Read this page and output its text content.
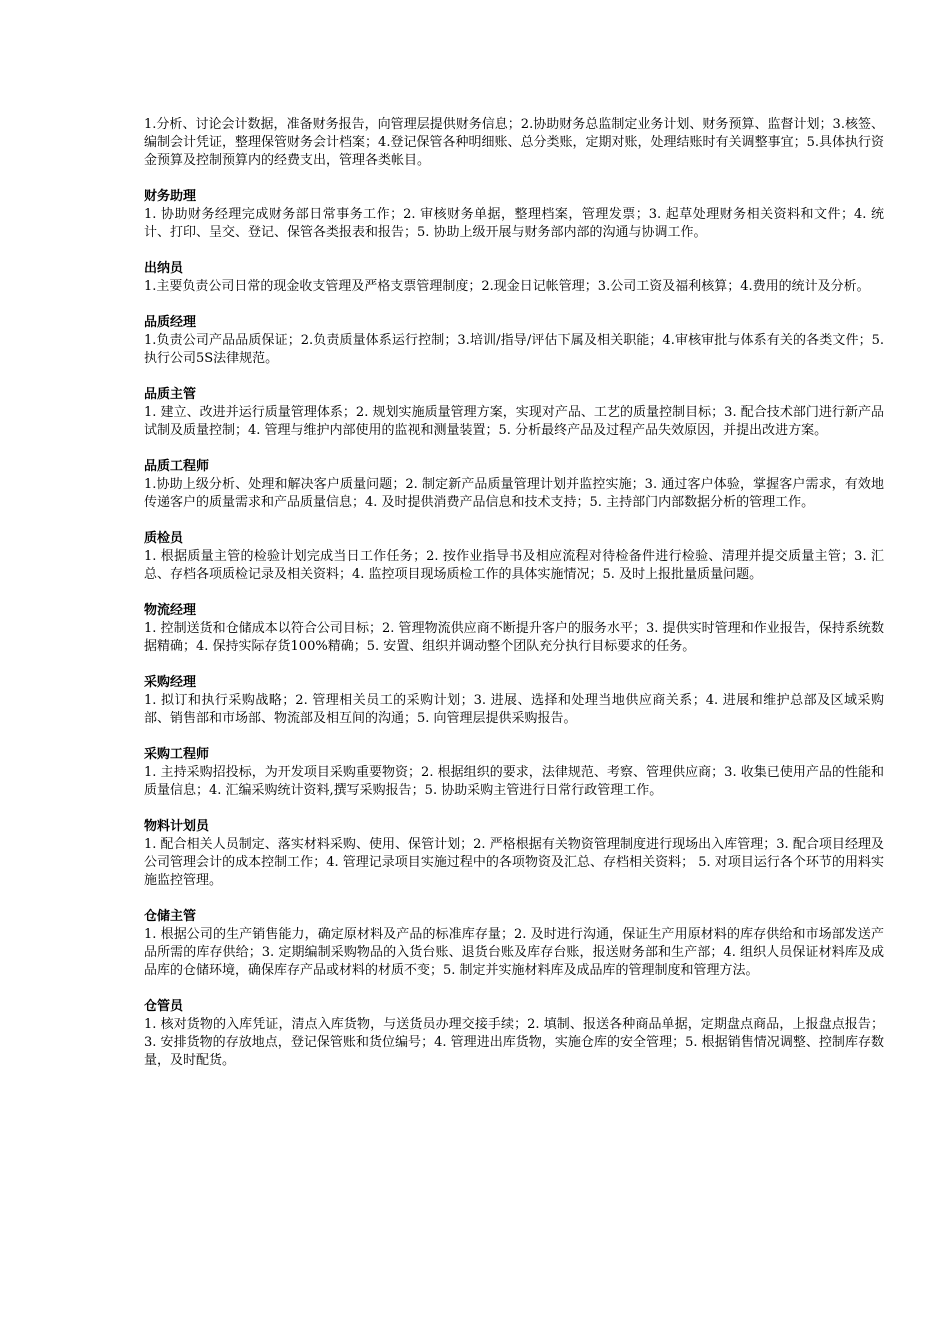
1.分析、讨论会计数据，准备财务报告，向管理层提供财务信息；2.协助财务总监制定业务计划、财务预算、监督计划；3.核签、编制会计凭证，整理保管财务会计档案；4.登记保管各种明细账、总分类账，定期对账，处理结账时有关调整事宜；5.具体执行资金预算及控制预算内的经费支出，管理各类帐目。

财务助理

1. 协助财务经理完成财务部日常事务工作；2. 审核财务单据，整理档案，管理发票；3. 起草处理财务相关资料和文件；4. 统计、打印、呈交、登记、保管各类报表和报告；5. 协助上级开展与财务部内部的沟通与协调工作。

出纳员

1.主要负责公司日常的现金收支管理及严格支票管理制度；2.现金日记帐管理；3.公司工资及福利核算；4.费用的统计及分析。

品质经理

1.负责公司产品品质保证；2.负责质量体系运行控制；3.培训/指导/评估下属及相关职能；4.审核审批与体系有关的各类文件；5.执行公司5S法律规范。

品质主管

1. 建立、改进并运行质量管理体系；2. 规划实施质量管理方案，实现对产品、工艺的质量控制目标；3. 配合技术部门进行新产品试制及质量控制；4. 管理与维护内部使用的监视和测量装置；5. 分析最终产品及过程产品失效原因，并提出改进方案。

品质工程师

1.协助上级分析、处理和解决客户质量问题；2. 制定新产品质量管理计划并监控实施；3. 通过客户体验，掌握客户需求，有效地传递客户的质量需求和产品质量信息；4. 及时提供消费产品信息和技术支持；5. 主持部门内部数据分析的管理工作。

质检员

1. 根据质量主管的检验计划完成当日工作任务；2. 按作业指导书及相应流程对待检备件进行检验、清理并提交质量主管；3. 汇总、存档各项质检记录及相关资料；4. 监控项目现场质检工作的具体实施情况；5. 及时上报批量质量问题。

物流经理

1. 控制送货和仓储成本以符合公司目标；2. 管理物流供应商不断提升客户的服务水平；3. 提供实时管理和作业报告，保持系统数据精确；4. 保持实际存货100%精确；5. 安置、组织并调动整个团队充分执行目标要求的任务。

采购经理

1. 拟订和执行采购战略；2. 管理相关员工的采购计划；3. 进展、选择和处理当地供应商关系；4. 进展和维护总部及区域采购部、销售部和市场部、物流部及相互间的沟通；5. 向管理层提供采购报告。

采购工程师

1. 主持采购招投标，为开发项目采购重要物资；2. 根据组织的要求，法律规范、考察、管理供应商；3. 收集已使用产品的性能和质量信息；4. 汇编采购统计资料,撰写采购报告；5. 协助采购主管进行日常行政管理工作。

物料计划员

1. 配合相关人员制定、落实材料采购、使用、保管计划；2. 严格根据有关物资管理制度进行现场出入库管理；3. 配合项目经理及公司管理会计的成本控制工作；4. 管理记录项目实施过程中的各项物资及汇总、存档相关资料； 5. 对项目运行各个环节的用料实施监控管理。

仓储主管

1. 根据公司的生产销售能力，确定原材料及产品的标准库存量；2. 及时进行沟通，保证生产用原材料的库存供给和市场部发送产品所需的库存供给；3. 定期编制采购物品的入货台账、退货台账及库存台账，报送财务部和生产部；4. 组织人员保证材料库及成品库的仓储环境，确保库存产品或材料的材质不变；5. 制定并实施材料库及成品库的管理制度和管理方法。

仓管员

1. 核对货物的入库凭证，清点入库货物，与送货员办理交接手续；2. 填制、报送各种商品单据，定期盘点商品，上报盘点报告；3. 安排货物的存放地点，登记保管账和货位编号；4. 管理进出库货物，实施仓库的安全管理；5. 根据销售情况调整、控制库存数量，及时配货。
